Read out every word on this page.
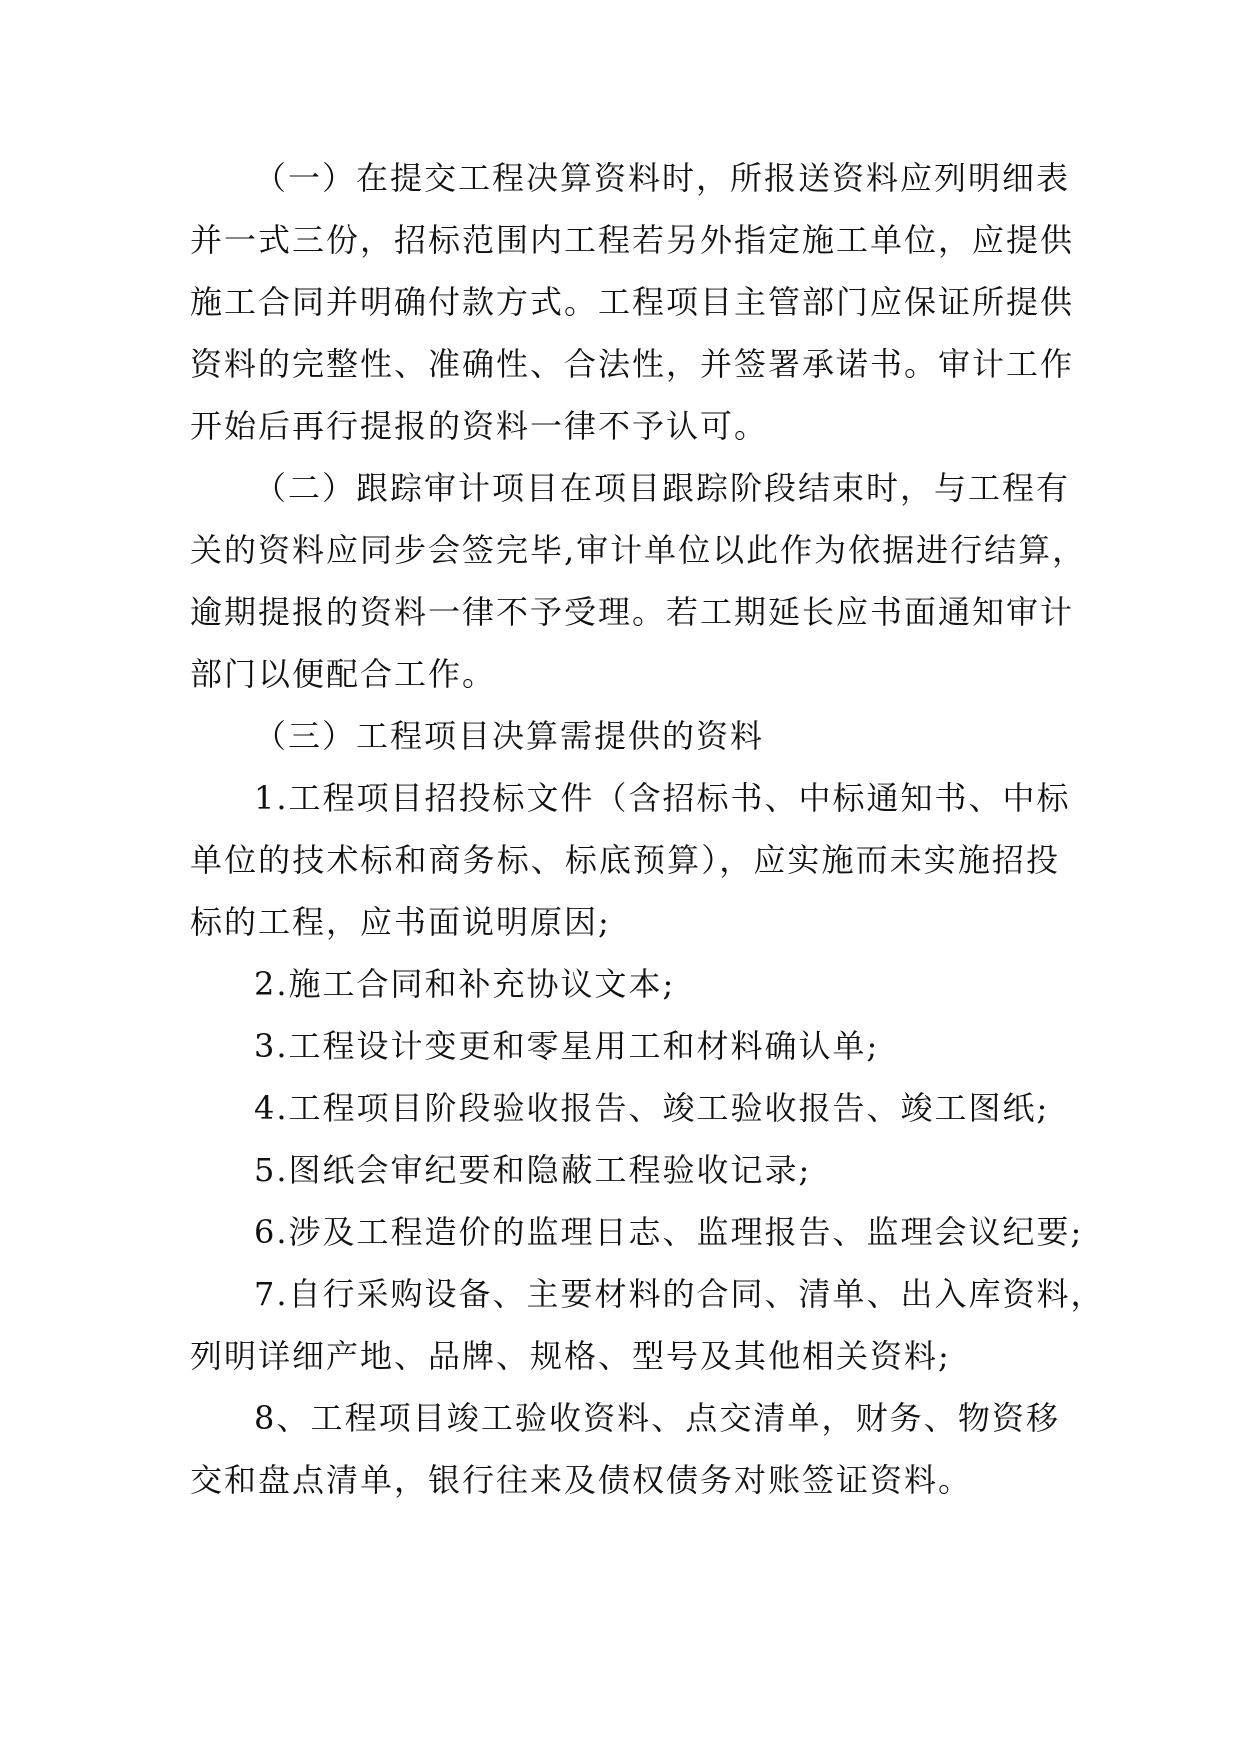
（一）在提交工程决算资料时，所报送资料应列明细表
并一式三份，招标范围内工程若另外指定施工单位，应提供
施工合同并明确付款方式。工程项目主管部门应保证所提供
资料的完整性、准确性、合法性，并签署承诺书。审计工作
开始后再行提报的资料一律不予认可。
（二）跟踪审计项目在项目跟踪阶段结束时，与工程有
关的资料应同步会签完毕,审计单位以此作为依据进行结算，
逾期提报的资料一律不予受理。若工期延长应书面通知审计
部门以便配合工作。
（三）工程项目决算需提供的资料
1.工程项目招投标文件（含招标书、中标通知书、中标
单位的技术标和商务标、标底预算），应实施而未实施招投
标的工程，应书面说明原因;
2.施工合同和补充协议文本;
3.工程设计变更和零星用工和材料确认单;
4.工程项目阶段验收报告、竣工验收报告、竣工图纸;
5.图纸会审纪要和隐蔽工程验收记录;
6.涉及工程造价的监理日志、监理报告、监理会议纪要;
7.自行采购设备、主要材料的合同、清单、出入库资料，
列明详细产地、品牌、规格、型号及其他相关资料;
8、工程项目竣工验收资料、点交清单，财务、物资移
交和盘点清单，银行往来及债权债务对账签证资料。
